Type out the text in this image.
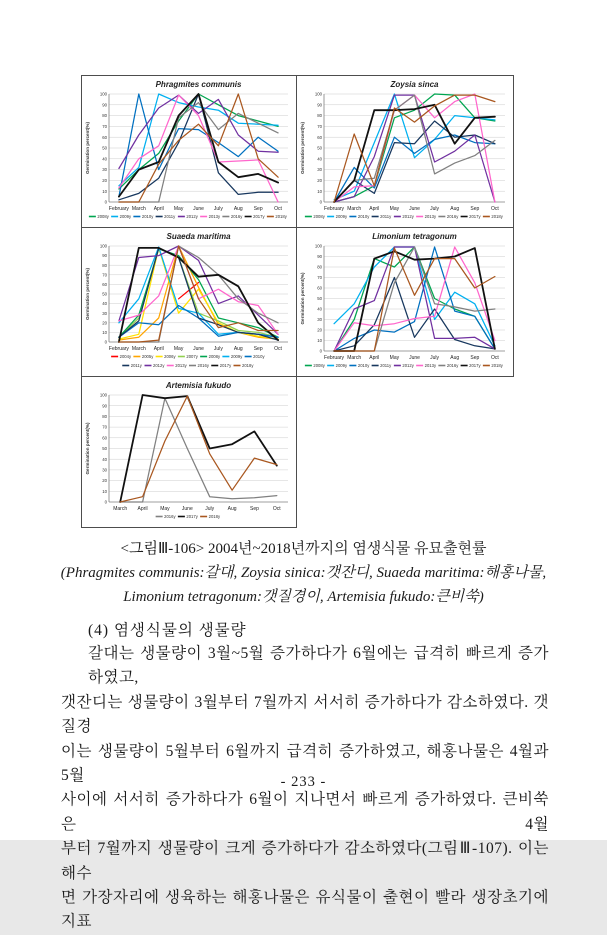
Phragmites communis
0
10
20
30
40
50
60
70
80
90
100
Germination percent(%)
February March April May June July Aug Sep Oct
2008y	2009y	2010y	2011y	2012y	2013y	2016y	2017y	2018y
Zoysia sinca
0
10
20
30
40
50
60
70
80
90
100
Germination percent(%)
February March April May June July Aug Sep Oct
2008y	2009y	2010y	2011y	2012y	2013y	2016y	2017y	2018y
Suaeda maritima
0
10
20
30
40
50
60
70
80
90
100
Germination percent(%)
February March April May June July Aug Sep Oct
2004y	2005y	2006y	2007y	2008y	2009y	2010y
2011y	2012y	2013y	2016y	2017y	2018y
Limonium tetragonum
0
10
20
30
40
50
60
70
80
90
100
Germination percent(%)
February March April May June July Aug Sep Oct
2008y	2009y	2010y	2011y	2012y	2013y	2016y	2017y	2018y
Artemisia fukudo
0
10
20
30
40
50
60
70
80
90
100
Germination percent(%)
March April	May June	July	Aug	Sep	Oct
2016y	2017y	2018y
<그림Ⅲ-106> 2004년~2018년까지의 염생식물 유묘출현률
(Phragmites communis:갈대, Zoysia sinica:갯잔디, Suaeda maritima:해홍나물,
Limonium tetragonum:갯질경이, Artemisia fukudo:큰비쑥)
(4) 염생식물의 생물량
갈대는 생물량이 3월~5월 증가하다가 6월에는 급격히 빠르게 증가하였고,
갯잔디는 생물량이 3월부터 7월까지 서서히 증가하다가 감소하였다. 갯질경
이는 생물량이 5월부터 6월까지 급격히 증가하였고, 해홍나물은 4월과 5월
사이에 서서히 증가하다가 6월이 지나면서 빠르게 증가하였다. 큰비쑥은 4월
부터 7월까지 생물량이 크게 증가하다가 감소하였다(그림Ⅲ-107). 이는 해수
면 가장자리에 생육하는 해홍나물은 유식물이 출현이 빨라 생장초기에 지표
- 233 -
